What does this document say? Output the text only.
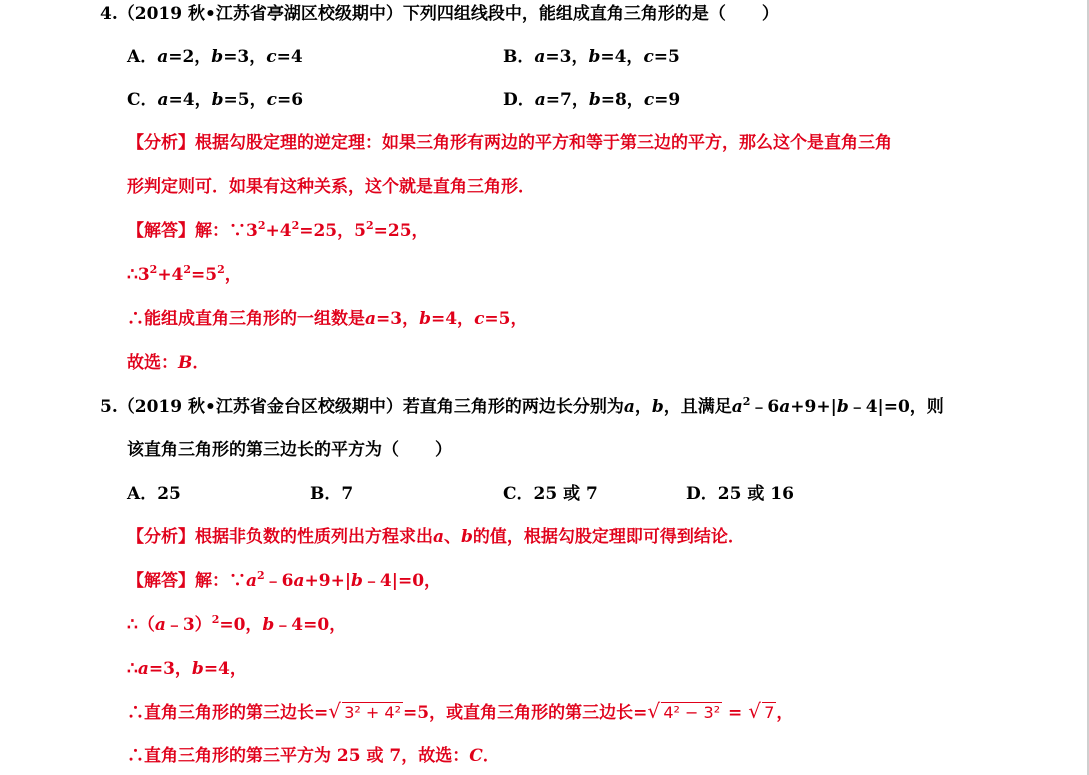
4.（2019 秋•江苏省亭湖区校级期中）下列四组线段中，能组成直角三角形的是（ ）
A．a=2，b=3，c=4	B．a=3，b=4，c=5
C．a=4，b=5，c=6	D．a=7，b=8，c=9
【分析】根据勾股定理的逆定理：如果三角形有两边的平方和等于第三边的平方，那么这个是直角三角
形判定则可．如果有这种关系，这个就是直角三角形．
【解答】解：$\because 3^2+4^2=25$，$5^2=25$，
$\therefore 3^2+4^2=5^2$，
∴能组成直角三角形的一组数是a=3，b=4，c=5，
故选：B．
5.（2019 秋•江苏省金台区校级期中）若直角三角形的两边长分别为a，b，且满足$a^2﹣6a+9+|b﹣4|=0$，则
该直角三角形的第三边长的平方为（ ）
A．25	B．7	C．25 或 7	D．25 或 16
【分析】根据非负数的性质列出方程求出a、b的值，根据勾股定理即可得到结论．
【解答】解：$\because a^2﹣6a+9+|b﹣4|=0$，
∴（a﹣3）$^2$=0，b﹣4=0，
∴a=3，b=4，
∴直角三角形的第三边长= √ 3² + 4² =5，或直角三角形的第三边长= √ 4² − 3² = √ 7 ，
∴直角三角形的第三平方为 25 或 7，故选：C．
